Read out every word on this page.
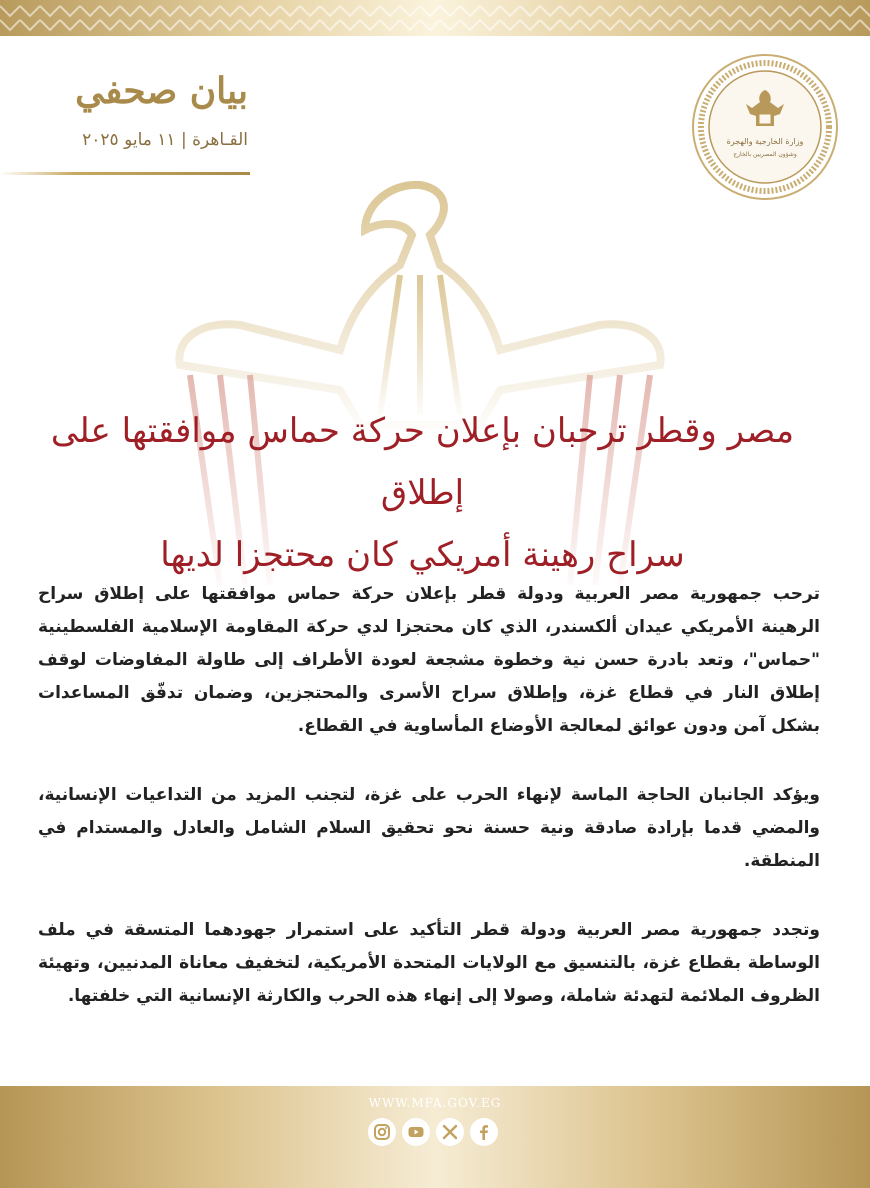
بيان صحفي
القـاهرة | ١١ مايو ٢٠٢٥	وزارة الخارجية والهجرة
وشؤون المصريين بالخارج
مصر وقطر ترحبان بإعلان حركة حماس موافقتها على إطلاق
سراح رهينة أمريكي كان محتجزا لديها

ترحب جمهورية مصر العربية ودولة قطر بإعلان حركة حماس موافقتها على إطلاق سراح الرهينة الأمريكي عيدان ألكسندر، الذي كان محتجزا لدي حركة المقاومة الإسلامية الفلسطينية "حماس"، وتعد بادرة حسن نية وخطوة مشجعة لعودة الأطراف إلى طاولة المفاوضات لوقف إطلاق النار في قطاع غزة، وإطلاق سراح الأسرى والمحتجزين، وضمان تدفّق المساعدات بشكل آمن ودون عوائق لمعالجة الأوضاع المأساوية في القطاع.

ويؤكد الجانبان الحاجة الماسة لإنهاء الحرب على غزة، لتجنب المزيد من التداعيات الإنسانية، والمضي قدما بإرادة صادقة ونية حسنة نحو تحقيق السلام الشامل والعادل والمستدام في المنطقة.

وتجدد جمهورية مصر العربية ودولة قطر التأكيد على استمرار جهودهما المتسقة في ملف الوساطة بقطاع غزة، بالتنسيق مع الولايات المتحدة الأمريكية، لتخفيف معاناة المدنيين، وتهيئة الظروف الملائمة لتهدئة شاملة، وصولا إلى إنهاء هذه الحرب والكارثة الإنسانية التي خلفتها.

WWW.MFA.GOV.EG
